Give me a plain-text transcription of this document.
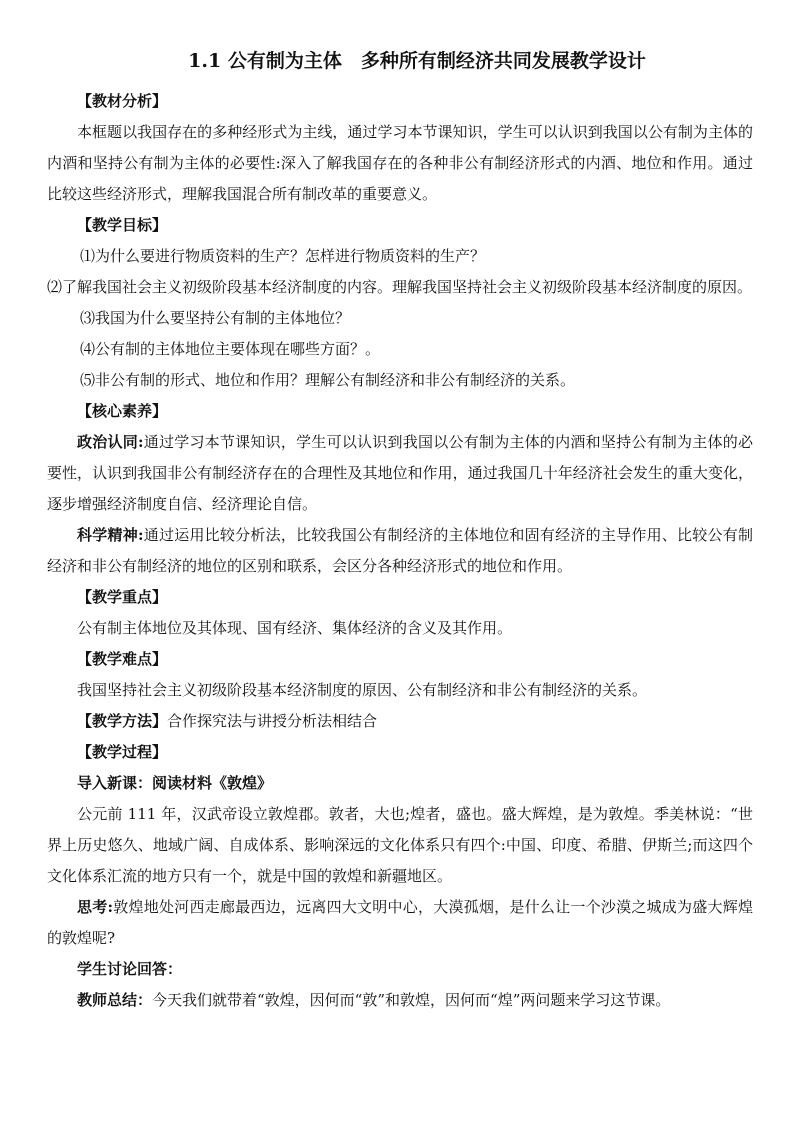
1.1 公有制为主体　多种所有制经济共同发展教学设计

【教材分析】

本框题以我国存在的多种经形式为主线，通过学习本节课知识，学生可以认识到我国以公有制为主体的内酒和坚持公有制为主体的必要性:深入了解我国存在的各种非公有制经济形式的内酒、地位和作用。通过比较这些经济形式，理解我国混合所有制改革的重要意义。

【教学目标】

⑴为什么要进行物质资料的生产？怎样进行物质资料的生产？

⑵了解我国社会主义初级阶段基本经济制度的内容。理解我国坚持社会主义初级阶段基本经济制度的原因。

⑶我国为什么要坚持公有制的主体地位？

⑷公有制的主体地位主要体现在哪些方面？。

⑸非公有制的形式、地位和作用？理解公有制经济和非公有制经济的关系。

【核心素养】

政治认同:通过学习本节课知识，学生可以认识到我国以公有制为主体的内酒和坚持公有制为主体的必要性，认识到我国非公有制经济存在的合理性及其地位和作用，通过我国几十年经济社会发生的重大变化，逐步增强经济制度自信、经济理论自信。

科学精神:通过运用比较分析法，比较我国公有制经济的主体地位和固有经济的主导作用、比较公有制经济和非公有制经济的地位的区别和联系，会区分各种经济形式的地位和作用。

【教学重点】

公有制主体地位及其体现、国有经济、集体经济的含义及其作用。

【教学难点】

我国坚持社会主义初级阶段基本经济制度的原因、公有制经济和非公有制经济的关系。

【教学方法】合作探究法与讲授分析法相结合

【教学过程】

导入新课：阅读材料《敦煌》

公元前 111 年，汉武帝设立敦煌郡。敦者，大也;煌者，盛也。盛大辉煌，是为敦煌。季美林说：“世界上历史悠久、地域广阔、自成体系、影响深远的文化体系只有四个:中国、印度、希腊、伊斯兰;而这四个文化体系汇流的地方只有一个，就是中国的敦煌和新疆地区。

思考:敦煌地处河西走廊最西边，远离四大文明中心，大漠孤烟，是什么让一个沙漠之城成为盛大辉煌的敦煌呢?

学生讨论回答：

教师总结：今天我们就带着“敦煌，因何而“敦”和敦煌，因何而“煌”两问题来学习这节课。
